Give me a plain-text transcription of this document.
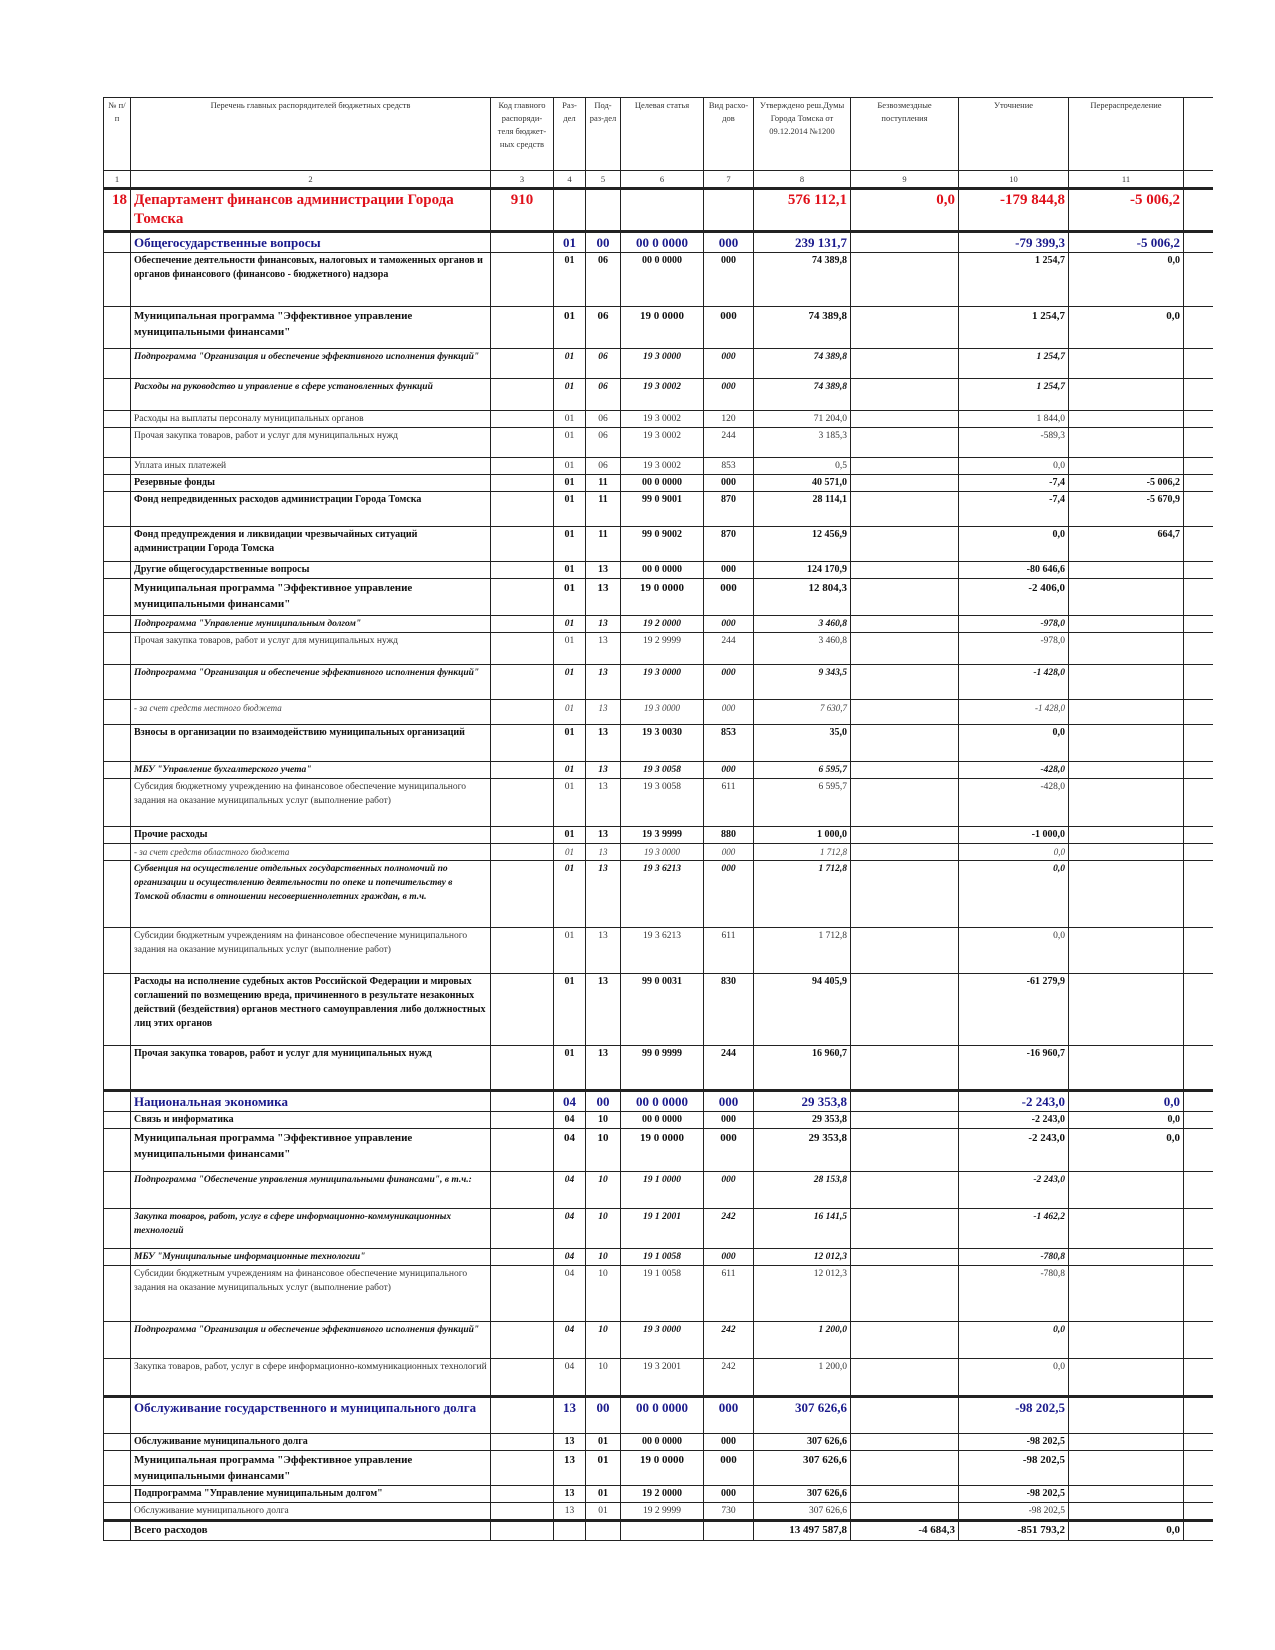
№ п/п	Перечень главных распорядителей бюджетных средств	Код главного распоряди-теля бюджет-ных средств	Раз-дел	Под-раз-дел	Целевая статья	Вид расхо-дов	Утверждено реш.Думы Города Томска от 09.12.2014 №1200	Безвозмездные поступления	Уточнение	Перераспределение	
1	2	3	4	5	6	7	8	9	10	11	
18	Департамент финансов администрации Города Томска	910					576 112,1	0,0	-179 844,8	-5 006,2	
	Общегосударственные вопросы		01	00	00 0 0000	000	239 131,7		-79 399,3	-5 006,2	
	Обеспечение деятельности финансовых, налоговых и таможенных органов и органов финансового (финансово - бюджетного) надзора		01	06	00 0 0000	000	74 389,8		1 254,7	0,0	
	Муниципальная программа "Эффективное управление муниципальными финансами"		01	06	19 0 0000	000	74 389,8		1 254,7	0,0	
	Подпрограмма "Организация и обеспечение эффективного исполнения функций"		01	06	19 3 0000	000	74 389,8		1 254,7		
	Расходы на руководство и управление в сфере установленных функций		01	06	19 3 0002	000	74 389,8		1 254,7		
	Расходы на выплаты персоналу муниципальных органов		01	06	19 3 0002	120	71 204,0		1 844,0		
	Прочая закупка товаров, работ и услуг для муниципальных нужд		01	06	19 3 0002	244	3 185,3		-589,3		
	Уплата иных платежей		01	06	19 3 0002	853	0,5		0,0		
	Резервные фонды		01	11	00 0 0000	000	40 571,0		-7,4	-5 006,2	
	Фонд непредвиденных расходов администрации Города Томска		01	11	99 0 9001	870	28 114,1		-7,4	-5 670,9	
	Фонд предупреждения и ликвидации чрезвычайных ситуаций администрации Города Томска		01	11	99 0 9002	870	12 456,9		0,0	664,7	
	Другие общегосударственные вопросы		01	13	00 0 0000	000	124 170,9		-80 646,6		
	Муниципальная программа "Эффективное управление муниципальными финансами"		01	13	19 0 0000	000	12 804,3		-2 406,0		
	Подпрограмма "Управление муниципальным долгом"		01	13	19 2 0000	000	3 460,8		-978,0		
	Прочая закупка товаров, работ и услуг для муниципальных нужд		01	13	19 2 9999	244	3 460,8		-978,0		
	Подпрограмма "Организация и обеспечение эффективного исполнения функций"		01	13	19 3 0000	000	9 343,5		-1 428,0		
	- за счет средств местного бюджета		01	13	19 3 0000	000	7 630,7		-1 428,0		
	Взносы в организации по взаимодействию муниципальных организаций		01	13	19 3 0030	853	35,0		0,0		
	МБУ "Управление бухгалтерского учета"		01	13	19 3 0058	000	6 595,7		-428,0		
	Субсидия бюджетному учреждению на финансовое обеспечение муниципального задания на оказание муниципальных услуг (выполнение работ)		01	13	19 3 0058	611	6 595,7		-428,0		
	Прочие расходы		01	13	19 3 9999	880	1 000,0		-1 000,0		
	- за счет средств областного бюджета		01	13	19 3 0000	000	1 712,8		0,0		
	Субвенция на осуществление отдельных государственных полномочий по организации и осуществлению деятельности по опеке и попечительству в Томской области в отношении несовершеннолетних граждан, в т.ч.		01	13	19 3 6213	000	1 712,8		0,0		
	Субсидии бюджетным учреждениям на финансовое обеспечение муниципального задания на оказание муниципальных услуг (выполнение работ)		01	13	19 3 6213	611	1 712,8		0,0		
	Расходы на исполнение судебных актов Российской Федерации и мировых соглашений по возмещению вреда, причиненного в результате незаконных действий (бездействия) органов местного самоуправления либо должностных лиц этих органов		01	13	99 0 0031	830	94 405,9		-61 279,9		
	Прочая закупка товаров, работ и услуг для муниципальных нужд		01	13	99 0 9999	244	16 960,7		-16 960,7		
	Национальная экономика		04	00	00 0 0000	000	29 353,8		-2 243,0	0,0	
	Связь и информатика		04	10	00 0 0000	000	29 353,8		-2 243,0	0,0	
	Муниципальная программа "Эффективное управление муниципальными финансами"		04	10	19 0 0000	000	29 353,8		-2 243,0	0,0	
	Подпрограмма "Обеспечение управления муниципальными финансами", в т.ч.:		04	10	19 1 0000	000	28 153,8		-2 243,0		
	Закупка товаров, работ, услуг в сфере информационно-коммуникационных технологий		04	10	19 1 2001	242	16 141,5		-1 462,2		
	МБУ "Муниципальные информационные технологии"		04	10	19 1 0058	000	12 012,3		-780,8		
	Субсидии бюджетным учреждениям на финансовое обеспечение муниципального задания на оказание муниципальных услуг (выполнение работ)		04	10	19 1 0058	611	12 012,3		-780,8		
	Подпрограмма "Организация и обеспечение эффективного исполнения функций"		04	10	19 3 0000	242	1 200,0		0,0		
	Закупка товаров, работ, услуг в сфере информационно-коммуникационных технологий		04	10	19 3 2001	242	1 200,0		0,0		
	Обслуживание государственного и муниципального долга		13	00	00 0 0000	000	307 626,6		-98 202,5		
	Обслуживание муниципального долга		13	01	00 0 0000	000	307 626,6		-98 202,5		
	Муниципальная программа "Эффективное управление муниципальными финансами"		13	01	19 0 0000	000	307 626,6		-98 202,5		
	Подпрограмма "Управление муниципальным долгом"		13	01	19 2 0000	000	307 626,6		-98 202,5		
	Обслуживание муниципального долга		13	01	19 2 9999	730	307 626,6		-98 202,5		
	Всего расходов						13 497 587,8	-4 684,3	-851 793,2	0,0	
